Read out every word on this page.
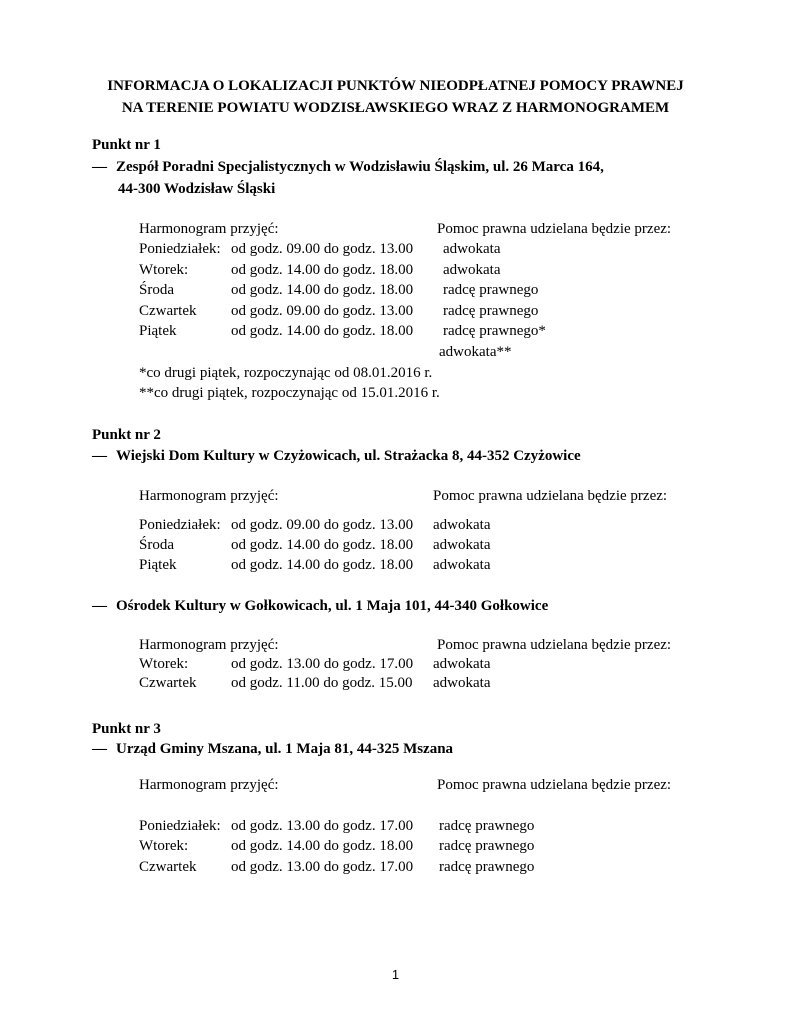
INFORMACJA O LOKALIZACJI PUNKTÓW NIEODPŁATNEJ POMOCY PRAWNEJ
NA TERENIE POWIATU WODZISŁAWSKIEGO WRAZ Z HARMONOGRAMEM
Punkt nr 1
— Zespół Poradni Specjalistycznych w Wodzisławiu Śląskim, ul. 26 Marca 164,
44-300 Wodzisław Śląski
Harmonogram przyjęć:	Pomoc prawna udzielana będzie przez:
Poniedziałek: od godz. 09.00 do godz. 13.00 adwokata
Wtorek:	od godz. 14.00 do godz. 18.00 adwokata
Środa	od godz. 14.00 do godz. 18.00 radcę prawnego
Czwartek od godz. 09.00 do godz. 13.00 radcę prawnego
Piątek	od godz. 14.00 do godz. 18.00 radcę prawnego*
adwokata**
*co drugi piątek, rozpoczynając od 08.01.2016 r.
**co drugi piątek, rozpoczynając od 15.01.2016 r.
Punkt nr 2
— Wiejski Dom Kultury w Czyżowicach, ul. Strażacka 8, 44-352 Czyżowice
Harmonogram przyjęć:	Pomoc prawna udzielana będzie przez:
Poniedziałek: od godz. 09.00 do godz. 13.00 adwokata
Środa	od godz. 14.00 do godz. 18.00 adwokata
Piątek	od godz. 14.00 do godz. 18.00 adwokata
— Ośrodek Kultury w Gołkowicach, ul. 1 Maja 101, 44-340 Gołkowice
Harmonogram przyjęć:	Pomoc prawna udzielana będzie przez:
Wtorek:	od godz. 13.00 do godz. 17.00 adwokata
Czwartek od godz. 11.00 do godz. 15.00 adwokata
Punkt nr 3
— Urząd Gminy Mszana, ul. 1 Maja 81, 44-325 Mszana
Harmonogram przyjęć:	Pomoc prawna udzielana będzie przez:
Poniedziałek: od godz. 13.00 do godz. 17.00 radcę prawnego
Wtorek:	od godz. 14.00 do godz. 18.00 radcę prawnego
Czwartek od godz. 13.00 do godz. 17.00 radcę prawnego
1
